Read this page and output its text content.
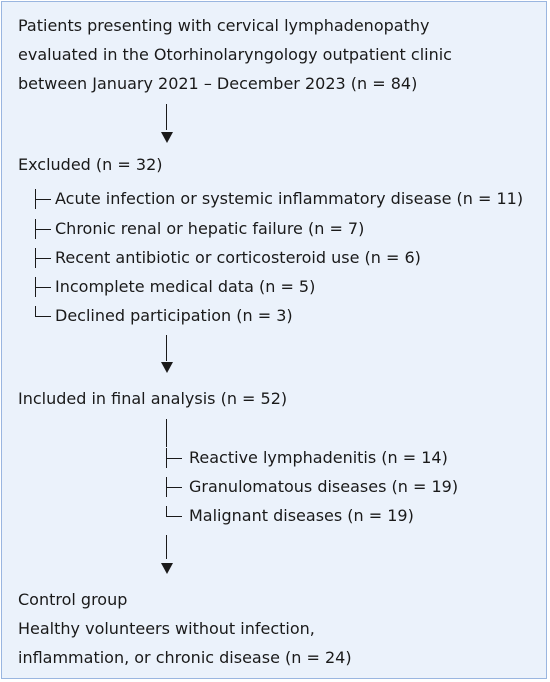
Patients presenting with cervical lymphadenopathy

evaluated in the Otorhinolaryngology outpatient clinic

between January 2021 – December 2023 (n = 84)

Excluded (n = 32)

Acute infection or systemic inflammatory disease (n = 11)

Chronic renal or hepatic failure (n = 7)

Recent antibiotic or corticosteroid use (n = 6)

Incomplete medical data (n = 5)

Declined participation (n = 3)

Included in final analysis (n = 52)

Reactive lymphadenitis (n = 14)

Granulomatous diseases (n = 19)

Malignant diseases (n = 19)

Control group

Healthy volunteers without infection,

inflammation, or chronic disease (n = 24)
